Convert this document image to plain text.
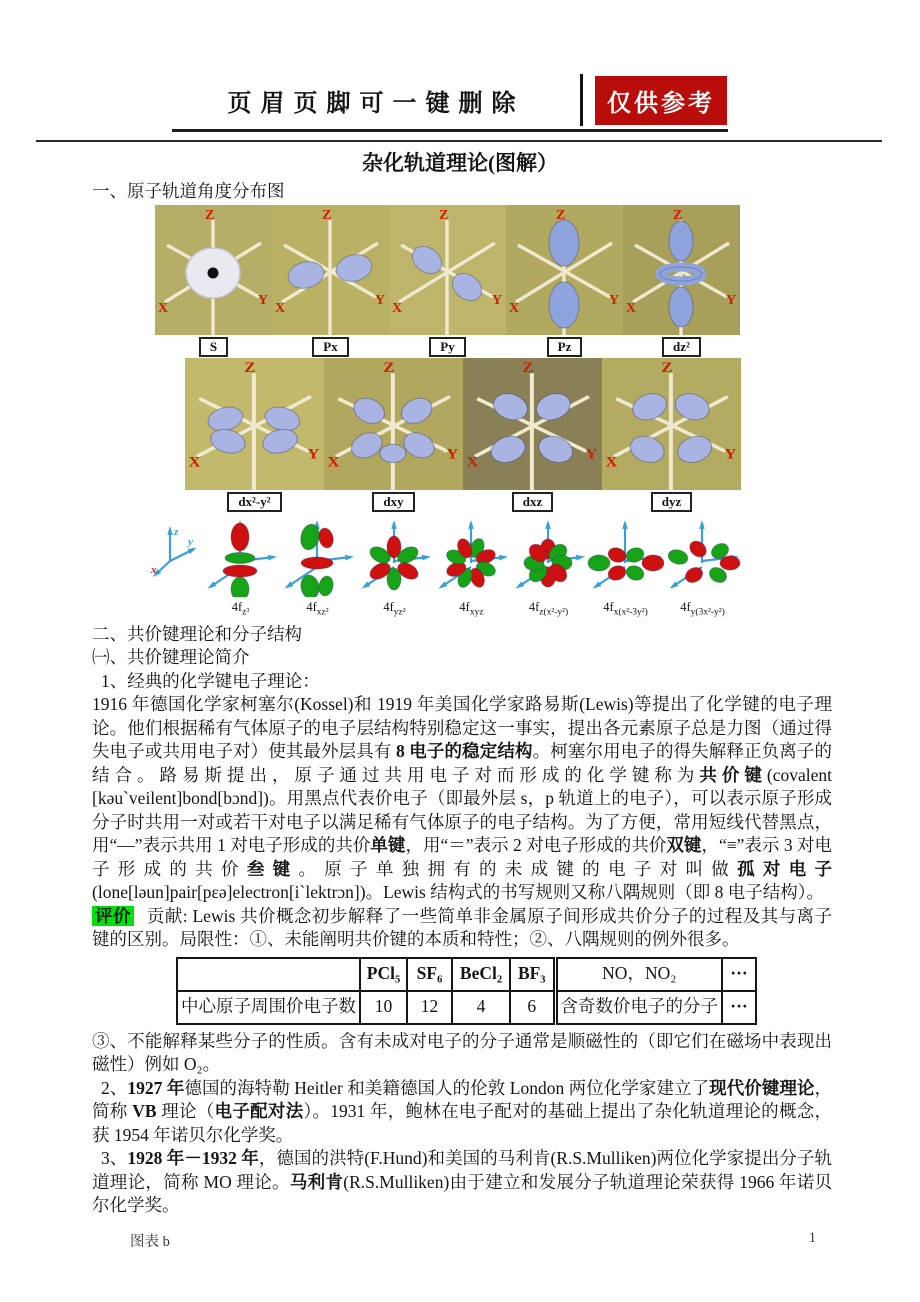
页眉页脚可一键删除	仅供参考
杂化轨道理论(图解）
一、原子轨道角度分布图
Z
X
Y
S
Z
X
Y
Px
Z
X
Y
Py
Z
X
Y
Pz
Z
X
Y
dz²
Z
X
Y
dx²-y²
Z
X
Y
dxy
Z
X
Y
dxz
Z
X
Y
dyz
z
y
x
$4f_{z^3}$	$4f_{xz^2}$	$4f_{yz^2}$	$4f_{xyz}$	$4f_{z(x^2-y^2)}$	$4f_{x(x^2-3y^2)}$	$4f_{y(3x^2-y^2)}$
二、共价键理论和分子结构
㈠、共价键理论简介
1、经典的化学键电子理论：
1916 年德国化学家柯塞尔(Kossel)和 1919 年美国化学家路易斯(Lewis)等提出了化学键的电子理论。他们根据稀有气体原子的电子层结构特别稳定这一事实，提出各元素原子总是力图（通过得失电子或共用电子对）使其最外层具有 8 电子的稳定结构。柯塞尔用电子的得失解释正负离子的结合。路易斯提出，原子通过共用电子对而形成的化学键称为共价键(covalent [kəu`veilent]bond[bɔnd])。用黑点代表价电子（即最外层 s，p 轨道上的电子），可以表示原子形成分子时共用一对或若干对电子以满足稀有气体原子的电子结构。为了方便，常用短线代替黑点，用“—”表示共用 1 对电子形成的共价单键，用“＝”表示 2 对电子形成的共价双键，“≡”表示 3 对电子形成的共价叁键。原子单独拥有的未成键的电子对叫做孤对电子(lone[ləun]pair[pɛə]electron[i`lektrɔn])。Lewis 结构式的书写规则又称八隅规则（即 8 电子结构）。
评价 贡献: Lewis 共价概念初步解释了一些简单非金属原子间形成共价分子的过程及其与离子键的区别。局限性：①、未能阐明共价键的本质和特性；②、八隅规则的例外很多。
	PCl₅	SF₆	BeCl₂	BF₃	NO，NO₂	···
中心原子周围价电子数	10	12	4	6	含奇数价电子的分子	···
③、不能解释某些分子的性质。含有未成对电子的分子通常是顺磁性的（即它们在磁场中表现出磁性）例如 O₂。
2、1927 年德国的海特勒 Heitler 和美籍德国人的伦敦 London 两位化学家建立了现代价键理论，简称 VB 理论（电子配对法）。1931 年，鲍林在电子配对的基础上提出了杂化轨道理论的概念，获 1954 年诺贝尔化学奖。
3、1928 年－1932 年，德国的洪特(F.Hund)和美国的马利肯(R.S.Mulliken)两位化学家提出分子轨道理论，简称 MO 理论。马利肯(R.S.Mulliken)由于建立和发展分子轨道理论荣获得 1966 年诺贝尔化学奖。
图表 b	1
